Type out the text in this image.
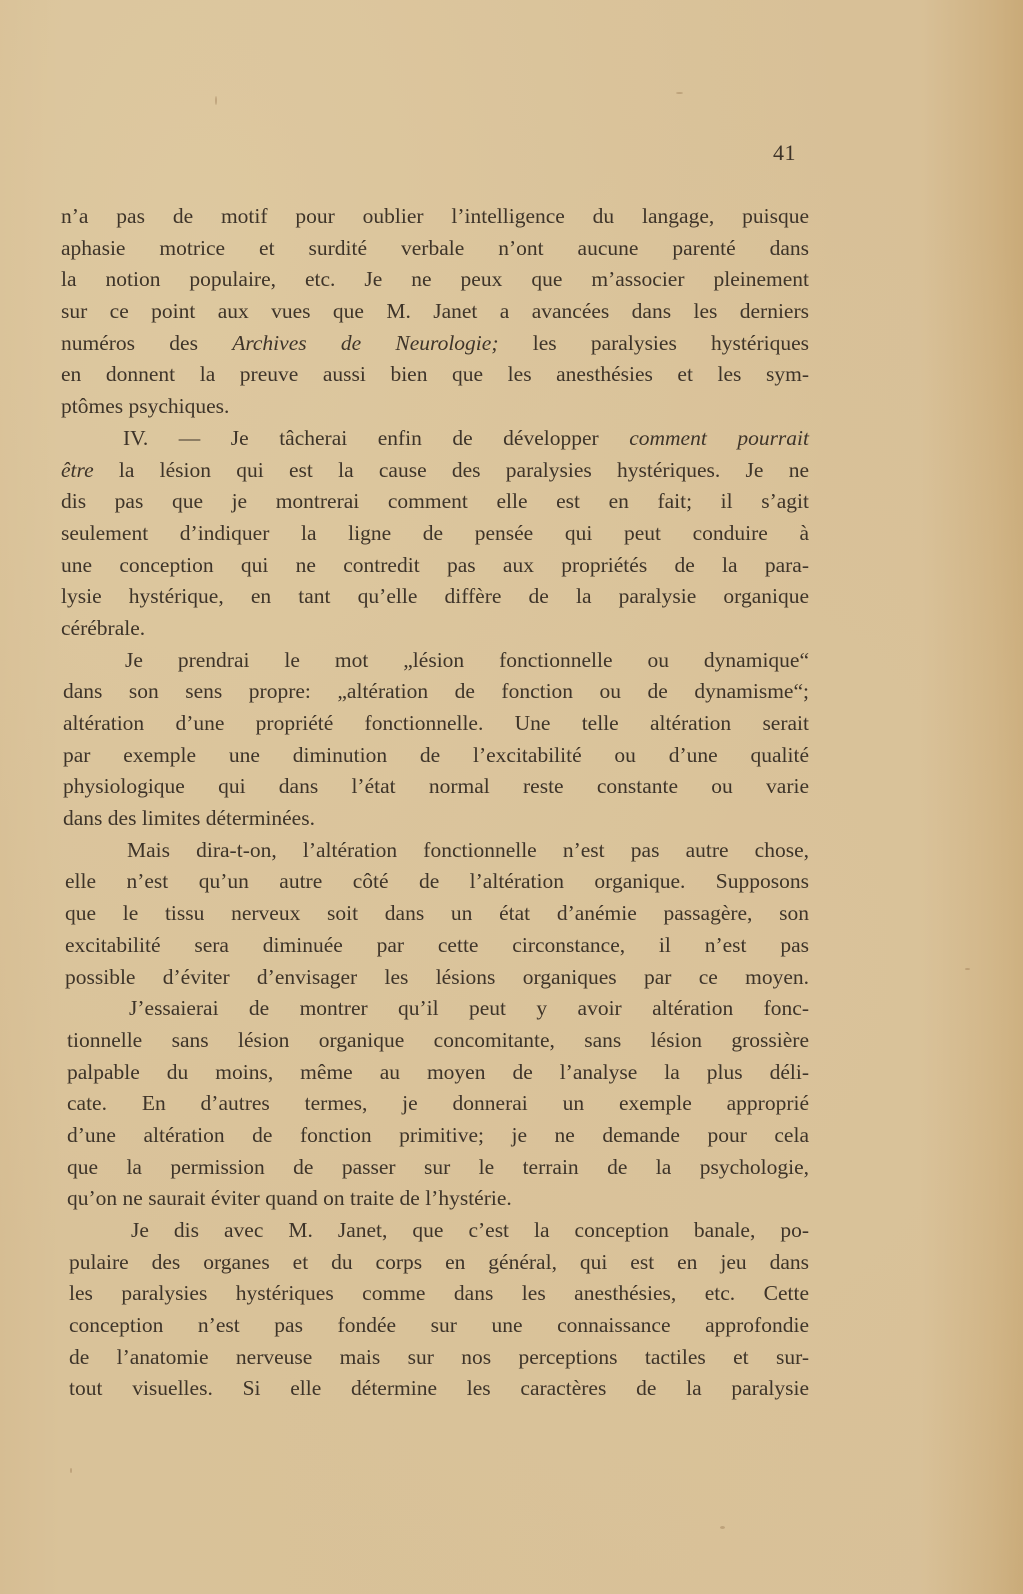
41
n’a pas de motif pour oublier l’intelligence du langage, puisque
aphasie motrice et surdité verbale n’ont aucune parenté dans
la notion populaire, etc. Je ne peux que m’associer pleinement
sur ce point aux vues que M. Janet a avancées dans les derniers
numéros des Archives de Neurologie; les paralysies hystériques
en donnent la preuve aussi bien que les anesthésies et les sym-
ptômes psychiques.
IV. — Je tâcherai enfin de développer comment pourrait
être la lésion qui est la cause des paralysies hystériques. Je ne
dis pas que je montrerai comment elle est en fait; il s’agit
seulement d’indiquer la ligne de pensée qui peut conduire à
une conception qui ne contredit pas aux propriétés de la para-
lysie hystérique, en tant qu’elle diffère de la paralysie organique
cérébrale.
Je prendrai le mot „lésion fonctionnelle ou dynamique“
dans son sens propre: „altération de fonction ou de dynamisme“;
altération d’une propriété fonctionnelle. Une telle altération serait
par exemple une diminution de l’excitabilité ou d’une qualité
physiologique qui dans l’état normal reste constante ou varie
dans des limites déterminées.
Mais dira-t-on, l’altération fonctionnelle n’est pas autre chose,
elle n’est qu’un autre côté de l’altération organique. Supposons
que le tissu nerveux soit dans un état d’anémie passagère, son
excitabilité sera diminuée par cette circonstance, il n’est pas
possible d’éviter d’envisager les lésions organiques par ce moyen.
J’essaierai de montrer qu’il peut y avoir altération fonc-
tionnelle sans lésion organique concomitante, sans lésion grossière
palpable du moins, même au moyen de l’analyse la plus déli-
cate. En d’autres termes, je donnerai un exemple approprié
d’une altération de fonction primitive; je ne demande pour cela
que la permission de passer sur le terrain de la psychologie,
qu’on ne saurait éviter quand on traite de l’hystérie.
Je dis avec M. Janet, que c’est la conception banale, po-
pulaire des organes et du corps en général, qui est en jeu dans
les paralysies hystériques comme dans les anesthésies, etc. Cette
conception n’est pas fondée sur une connaissance approfondie
de l’anatomie nerveuse mais sur nos perceptions tactiles et sur-
tout visuelles. Si elle détermine les caractères de la paralysie
